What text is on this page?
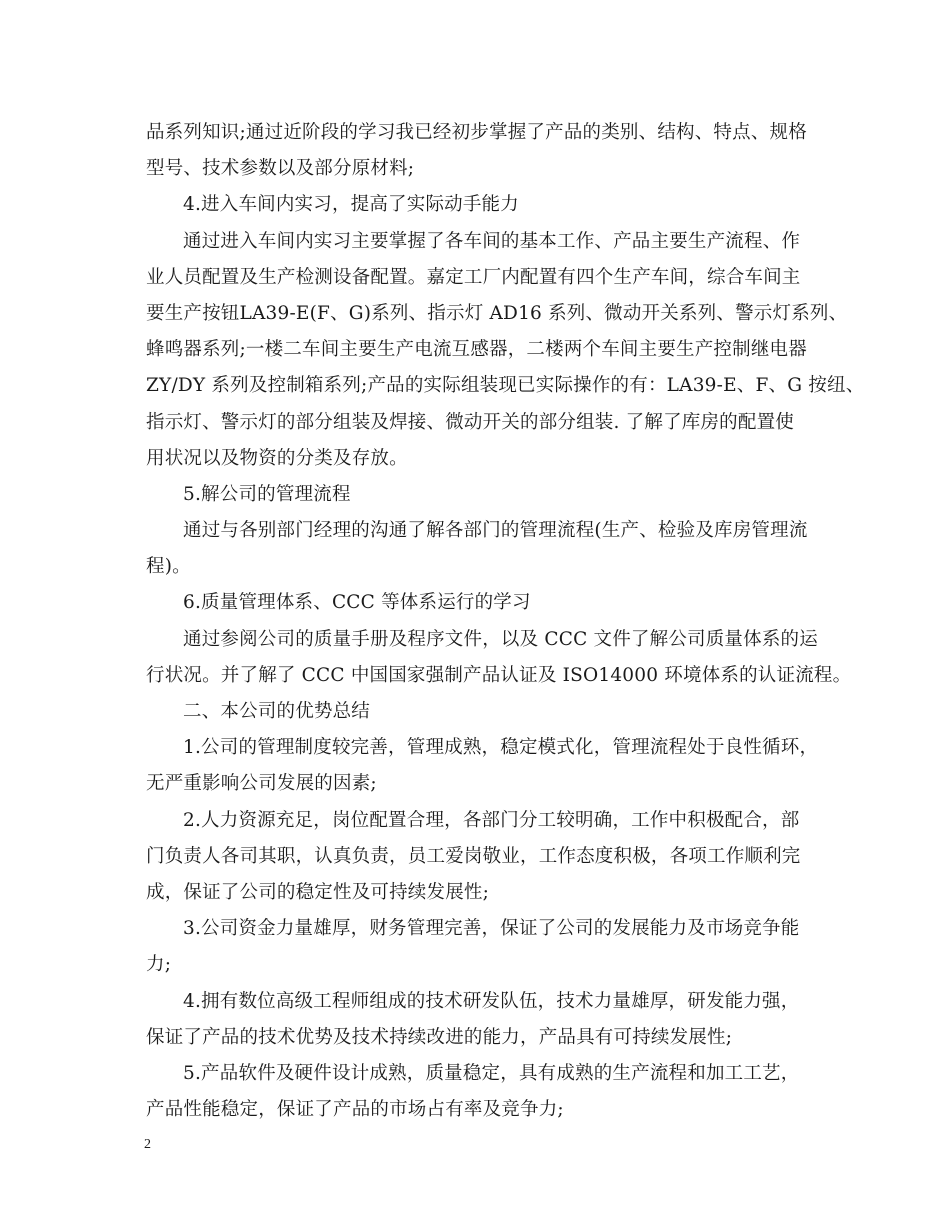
品系列知识;通过近阶段的学习我已经初步掌握了产品的类别、结构、特点、规格
型号、技术参数以及部分原材料;
4.进入车间内实习，提高了实际动手能力
通过进入车间内实习主要掌握了各车间的基本工作、产品主要生产流程、作
业人员配置及生产检测设备配置。嘉定工厂内配置有四个生产车间，综合车间主
要生产按钮LA39-E(F、G)系列、指示灯 AD16 系列、微动开关系列、警示灯系列、
蜂鸣器系列;一楼二车间主要生产电流互感器，二楼两个车间主要生产控制继电器
ZY/DY 系列及控制箱系列;产品的实际组装现已实际操作的有：LA39-E、F、G 按纽、
指示灯、警示灯的部分组装及焊接、微动开关的部分组装. 了解了库房的配置使
用状况以及物资的分类及存放。
5.解公司的管理流程
通过与各别部门经理的沟通了解各部门的管理流程(生产、检验及库房管理流
程)。
6.质量管理体系、CCC 等体系运行的学习
通过参阅公司的质量手册及程序文件，以及 CCC 文件了解公司质量体系的运
行状况。并了解了 CCC 中国国家强制产品认证及 ISO14000 环境体系的认证流程。
二、本公司的优势总结
1.公司的管理制度较完善，管理成熟，稳定模式化，管理流程处于良性循环，
无严重影响公司发展的因素;
2.人力资源充足，岗位配置合理，各部门分工较明确，工作中积极配合，部
门负责人各司其职，认真负责，员工爱岗敬业，工作态度积极，各项工作顺利完
成，保证了公司的稳定性及可持续发展性;
3.公司资金力量雄厚，财务管理完善，保证了公司的发展能力及市场竞争能
力;
4.拥有数位高级工程师组成的技术研发队伍，技术力量雄厚，研发能力强，
保证了产品的技术优势及技术持续改进的能力，产品具有可持续发展性;
5.产品软件及硬件设计成熟，质量稳定，具有成熟的生产流程和加工工艺，
产品性能稳定，保证了产品的市场占有率及竞争力;
2
